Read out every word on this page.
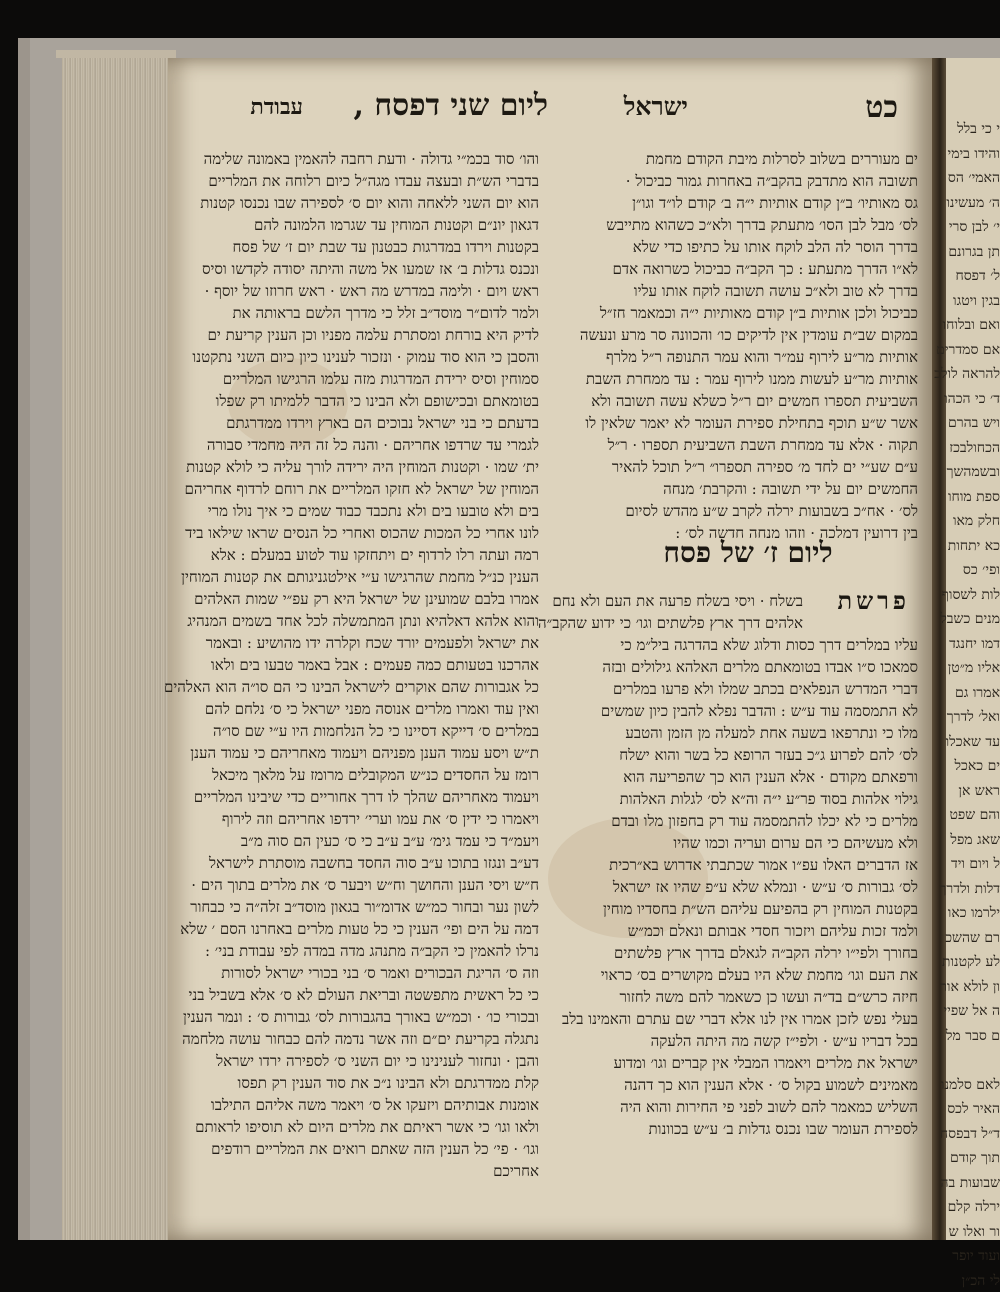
כט
ישראל
ליום שני דפסח ,
עבודת
והו׳ סוד בכמ״י גדולה · ודעת רחבה להאמין באמונה שלימה
בדברי הש״ת ובעצה עבדו מגה״ל כיום רלוחה את המלריים
הוא יום השני ללאחה והוא יום ס׳ לספירה שבו נכנסו קטנות
דגאון יונ״ם וקטנות המוחין עד שגרמו הלמונה להם
בקטנות וירדו במדרגות כבטנון עד שבת יום ז׳ של פסח
ונכנס גדלות ב׳ אז שמעו אל משה והיתה יסודה לקדשו וסיס
ראש ויום · ולימה במדרש מה ראש · ראש חרוזו של יוסף ·
ולמר לדום״ר מוסד״ב זלל כי מדרך הלשם בראותה את
לדיק היא בורחת ומסתרת עלמה מפניו וכן הענין קריעת ים
והסבן כי הוא סוד עמוק · ונזכור לענינו כיון כיום השני נתקטנו
סמוחין וסיס ירידת המדרגות מזה עלמו הרגישו המלריים
בטומאתם ובכישופם ולא הבינו כי הדבר ללמיתו רק שפלו
בדעתם כי בני ישראל נבוכים הם בארץ וירדו ממדרגתם
לגמרי עד שרדפו אחריהם · והנה כל זה היה מחמדי סבורה
ית׳ שמו · וקטנות המוחין היה ירידה לורך עליה כי לולא קטנות
המוחין של ישראל לא חזקו המלריים את רוחם לרדוף אחריהם
בים ולא טובעו בים ולא נתכבד כבוד שמים כי איך נולו מרי
לונו אחרי כל המכות שהכוס ואחרי כל הנסים שראו שילאו ביד
רמה ועתה רלו לרדוף ים ויתחזקו עוד לטוע במעלם : אלא
הענין כנ״ל מחמת שהרגישו ע״י אילטגניגותם את קטנות המוחין
אמרו בלבם שמועינן של ישראל היא רק עפ״י שמות האלהים
והוא אלהא דאלהיא ונתן המתמשלה לכל אחד בשמים המנהיג
את ישראל ולפעמים יורד שכח וקלרה ידו מהושיע : ובאמר
אהרכנו בטעותם כמה פעמים : אבל באמר טבעו בים ולאו
כל אגבורות שהם אוקרים לישראל הבינו כי הם סו״ה הוא האלהים
ואין עוד ואמרו מלרים אנוסה מפני ישראל כי ס׳ נלחם להם
במלרים ס׳ דייקא דסיינו כי כל הנלחמות היו ע״י שם סו״ה
ת״ש ויסע עמוד הענן מפניהם ויעמוד מאחריהם כי עמוד הענן
רומז על החסדים כנ״ש המקובלים מרומז על מלאך מיכאל
ויעמוד מאחריהם שהלך לו דרך אחוריים כדי שיבינו המלריים
ויאמרו כי ידין ס׳ את עמו וערי׳ ירדפו אחריהם וזה לירוף
ויעמ״ד כי עמד גימ׳ ע״ב ע״ב כי ס׳ כעין הם סוה מ״ב
דע״ב ונגזו בתוכו ע״ב סוה החסד בחשבה מוסתרת לישראל
ח״ש ויסי הענן והחושך וח״ש ויבער ס׳ את מלרים בתוך הים ·
לשון נער ובחור כמ״ש אדומ״ור בגאון מוסד״ב זלה״ה כי כבחור
דמה על הים ופי׳ הענין כי כל טעות מלרים באחרנו הסם ׳ שלא
נרלו להאמין כי הקב״ה מתנהג מדה במדה לפי עבודת בני׳ :
וזה ס׳ הריגת הבכורים ואמר ס׳ בני בכורי ישראל לסורות
כי כל ראשית מתפשטה ובריאת העולם לא ס׳ אלא בשביל בני
ובכורי כו׳ · וכמ״ש באורך בהגבורות לס׳ גבורות ס׳ : ונמר הענין
נתגלה בקריעת ים״ם וזה אשר נדמה להם כבחור עושה מלחמה
והבן · ונחזור לענינינו כי יום השני ס׳ לספירה ירדו ישראל
קלת ממדרגתם ולא הבינו נ״כ את סוד הענין רק תפסו
אומנות אבותיהם ויזעקו אל ס׳ ויאמר משה אליהם התילבו
ולאו וגו׳ כי אשר ראיתם את מלרים היום לא תוסיפו לראותם
וגו׳ · פי׳ כל הענין הזה שאתם רואים את המלריים רודפים
אחריכם
ים מעוררים בשלוב לסרלות מיבת הקודם מחמת
תשובה הוא מתדבק בהקב״ה באחרות גמור כביכול ·
גס מאותיו׳ ב״ן קודם אותיות י״ה ב׳ קודם לו״ד וגו״ן
לס׳ מבל לבן הסו׳ מתעתק בדרך ולא״כ כשהוא מתייבש
בדרך הוסר לה הלב לוקח אותו על כתיפו כדי שלא
לא״ו הדרך מתעתע : כך הקב״ה כביכול כשרואה אדם
בדרך לא טוב ולא״כ עושה תשובה לוקח אותו עליו
כביכול ולכן אותיות ב״ן קודם מאותיות י״ה וכמאמר חז״ל
במקום שב״ת עומדין אין לדיקים כו׳ והכוונה סר מרע ונעשה
אותיות מר״ע לירוף עמ״ר והוא עמר התנופה ר״ל מלרף
אותיות מר״ע לעשות ממנו לירוף עמר : עד ממחרת השבת
השביעית תספרו חמשים יום ר״ל כשלא עשה תשובה ולא
אשר ש״ע תוכף בתחילת ספירת העומר לא יאמר שלאין לו
תקוה · אלא עד ממחרת השבת השביעית תספרו · ר״ל
ע״ם שע״י ים לחד מ׳ ספירה תספרו״ ר״ל תוכל להאיר
החמשים יום על ידי תשובה : והקרבת׳ מנחה
לס׳ · אח״כ בשבועות ירלה לקרב ש״ע מהדש לסיום
בין דרועין דמלכה · וזהו מנחה חדשה לס׳ :
ליום ז׳ של פסח
פרשת
בשלח · ויסי בשלח פרעה את העם ולא נחם
אלהים דרך ארץ פלשתים וגו׳ כי ידוע שהקב״ה
עליו במלרים דרך כסות ודלוג שלא בהדרגה ביל״מ כי
סמאכו ס״ו אבדו בטומאתם מלרים האלהא גילולים ובזה
דברי המדרש הנפלאים בכתב שמלו ולא פרעו במלרים
לא התמסמה עוד ע״ש : והדבר נפלא להבין כיון שמשים
מלו כי ונתרפאו בשעה אחת למעלה מן הזמן והטבע
לס׳ להם לפרוע ג״כ בעזר הרופא כל בשר והוא ישלח
ורפאתם מקודם · אלא הענין הוא כך שהפריעה הוא
גילוי אלהות בסוד פר״ע י״ה וה״א לס׳ לגלות האלהות
מלרים כי לא יכלו להתמסמה עוד רק בחפזון מלו ובדם
ולא מעשיהם כי הם ערום ועריה וכמו שהיו
אז הדברים האלו עפ״ו אמור שכתבתי אדרוש בא״רכית
לס׳ גבורות ס׳ ע״ש · ונמלא שלא ע״פ שהיו אז ישראל
בקטנות המוחין רק בהפיעם עליהם הש״ת בחסדיו מוחין
ולמד זכות עליהם ויזכור חסדי אבותם ונאלם וכמ״ש
בחורך ולפי״ו ירלה הקב״ה לגאלם בדרך ארץ פלשתים
את העם וגו׳ מחמת שלא היו בעלם מקושרים בס׳ כראוי
חיזה כרש״ם בד״ה ועשו כן כשאמר להם משה לחזור
בעלי נפש לזכן אמרו אין לנו אלא דברי שם עתרם והאמינו בלב
בכל דבריו ע״ש · ולפי״ז קשה מה היתה הלעקה
ישראל את מלרים ויאמרו המבלי אין קברים וגו׳ ומדוע
מאמינים לשמוע בקול ס׳ · אלא הענין הוא כך דהנה
השליש כמאמר להם לשוב לפני פי החירות והוא היה
לספירת העומר שבו נכנס גדלות ב׳ ע״ש בכוונות
י כי בלל
והידו בימי
האמי׳ הס
ה׳ מעשינו
י׳ לבן סרי
תן בגרונם
ל׳ דפסח
בגין ויטגו
ואם ובלוחו
אם סמדרים
להראה לולב
ד׳ כי הכהו
ויש בהרם
הכחולבכז
ובשמהשך
ספת מוחו
חלק מאו
כא יתחות
ופי׳ כס
לות לשסוף
מנים כשבל
דמו יחנגד
אליו מ״טן
אמרו גם
ואל׳ לדרך
עד שאכלו
ים כאכל
ראש אן
והם שפט
שאג מפל
ל ויום ויד
דלות ולדרך
ילרמו כאו
רם שהשכ
לע לקטנות
ון לולא אור
ה אל שפיי
ם סבר מל
לאם סלמנו
האיר לכס
ד״ל דבפסח
תוך קודם
שבועות בה
ירלה קלם
ור ואלו ש
ועוד יופר
לי הכ״ן
